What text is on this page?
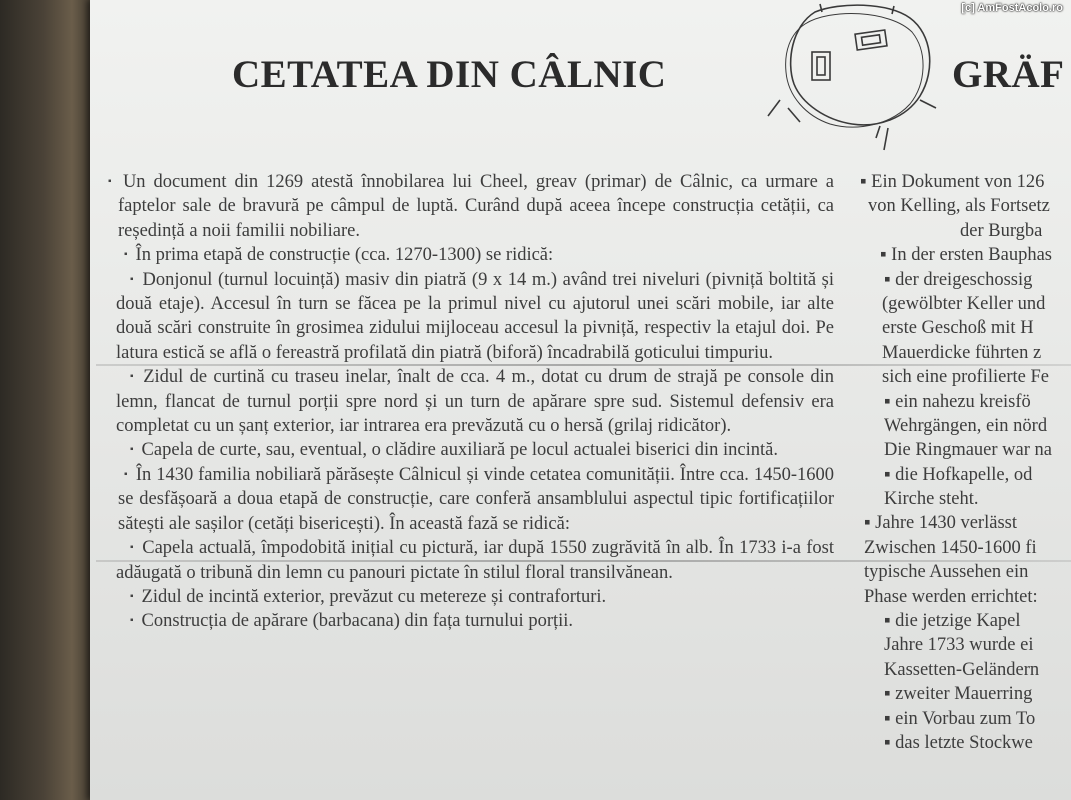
[c] AmFostAcolo.ro
CETATEA DIN CÂLNIC	GRÄF

▪ Un document din 1269 atestă înnobilarea lui Cheel, greav (primar) de Câlnic, ca urmare a faptelor sale de bravură pe câmpul de luptă. Curând după aceea începe construcția cetății, ca reședință a noii familii nobiliare.

▪ În prima etapă de construcție (cca. 1270-1300) se ridică:

▪ Donjonul (turnul locuință) masiv din piatră (9 x 14 m.) având trei niveluri (pivniță boltită și două etaje). Accesul în turn se făcea pe la primul nivel cu ajutorul unei scări mobile, iar alte două scări construite în grosimea zidului mijloceau accesul la pivniță, respectiv la etajul doi. Pe latura estică se află o fereastră profilată din piatră (biforă) încadrabilă goticului timpuriu.

▪ Zidul de curtină cu traseu inelar, înalt de cca. 4 m., dotat cu drum de strajă pe console din lemn, flancat de turnul porții spre nord și un turn de apărare spre sud. Sistemul defensiv era completat cu un șanț exterior, iar intrarea era prevăzută cu o hersă (grilaj ridicător).

▪ Capela de curte, sau, eventual, o clădire auxiliară pe locul actualei biserici din incintă.

▪ În 1430 familia nobiliară părăsește Câlnicul și vinde cetatea comunității. Între cca. 1450-1600 se desfășoară a doua etapă de construcție, care conferă ansamblului aspectul tipic fortificațiilor sătești ale sașilor (cetăți bisericești). În această fază se ridică:

▪ Capela actuală, împodobită inițial cu pictură, iar după 1550 zugrăvită în alb. În 1733 i-a fost adăugată o tribună din lemn cu panouri pictate în stilul floral transilvănean.

▪ Zidul de incintă exterior, prevăzut cu metereze și contraforturi.

▪ Construcția de apărare (barbacana) din fața turnului porții.

▪ Ein Dokument von 126
von Kelling, als Fortsetz
der Burgba
▪ In der ersten Bauphas
▪ der dreigeschossig
(gewölbter Keller und
erste Geschoß mit H
Mauerdicke führten z
sich eine profilierte Fe
▪ ein nahezu kreisfö
Wehrgängen, ein nörd
Die Ringmauer war na
▪ die Hofkapelle, od
Kirche steht.
▪ Jahre 1430 verlässt
Zwischen 1450-1600 fi
typische Aussehen ein
Phase werden errichtet:
▪ die jetzige Kapel
Jahre 1733 wurde ei
Kassetten-Geländern
▪ zweiter Mauerring
▪ ein Vorbau zum To
▪ das letzte Stockwe
